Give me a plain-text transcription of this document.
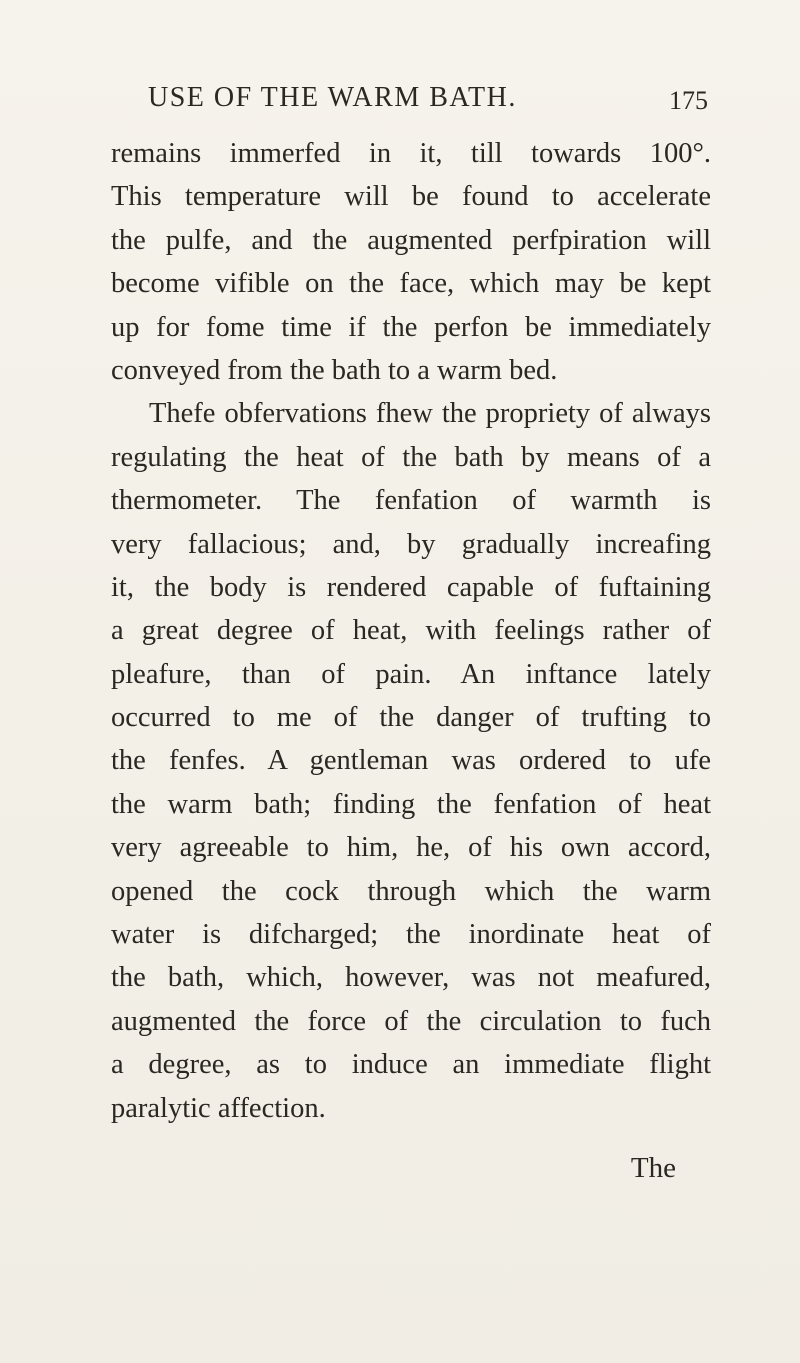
USE OF THE WARM BATH.	175
remains immerfed in it, till towards 100°.
This temperature will be found to accelerate
the pulfe, and the augmented perfpiration will
become vifible on the face, which may be kept
up for fome time if the perfon be immediately
conveyed from the bath to a warm bed.
Thefe obfervations fhew the propriety of always
regulating the heat of the bath by means of a
thermometer. The fenfation of warmth is
very fallacious; and, by gradually increafing
it, the body is rendered capable of fuftaining
a great degree of heat, with feelings rather of
pleafure, than of pain. An inftance lately
occurred to me of the danger of trufting to
the fenfes. A gentleman was ordered to ufe
the warm bath; finding the fenfation of heat
very agreeable to him, he, of his own accord,
opened the cock through which the warm
water is difcharged; the inordinate heat of
the bath, which, however, was not meafured,
augmented the force of the circulation to fuch
a degree, as to induce an immediate flight
paralytic affection.
The
